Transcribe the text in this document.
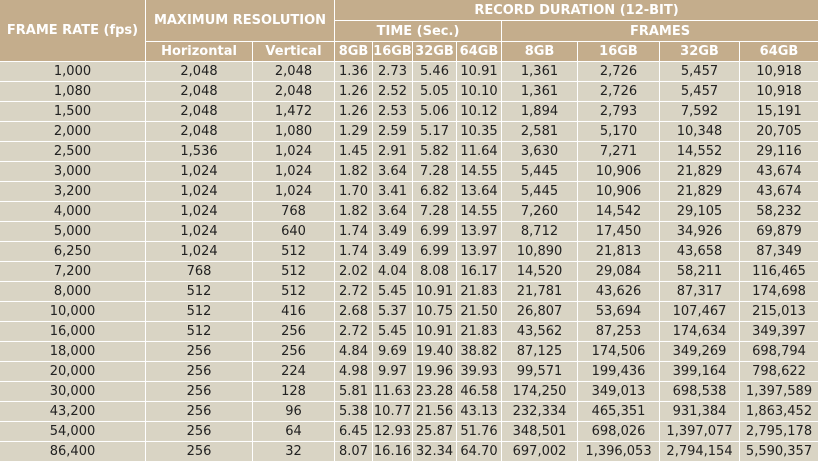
FRAME RATE (fps)	MAXIMUM RESOLUTION		RECORD DURATION (12-BIT)							
			TIME (Sec.)				FRAMES			
	Horizontal	Vertical	8GB	16GB	32GB	64GB	8GB	16GB	32GB	64GB
1,000	2,048	2,048	1.36	2.73	5.46	10.91	1,361	2,726	5,457	10,918
1,080	2,048	2,048	1.26	2.52	5.05	10.10	1,361	2,726	5,457	10,918
1,500	2,048	1,472	1.26	2.53	5.06	10.12	1,894	2,793	7,592	15,191
2,000	2,048	1,080	1.29	2.59	5.17	10.35	2,581	5,170	10,348	20,705
2,500	1,536	1,024	1.45	2.91	5.82	11.64	3,630	7,271	14,552	29,116
3,000	1,024	1,024	1.82	3.64	7.28	14.55	5,445	10,906	21,829	43,674
3,200	1,024	1,024	1.70	3.41	6.82	13.64	5,445	10,906	21,829	43,674
4,000	1,024	768	1.82	3.64	7.28	14.55	7,260	14,542	29,105	58,232
5,000	1,024	640	1.74	3.49	6.99	13.97	8,712	17,450	34,926	69,879
6,250	1,024	512	1.74	3.49	6.99	13.97	10,890	21,813	43,658	87,349
7,200	768	512	2.02	4.04	8.08	16.17	14,520	29,084	58,211	116,465
8,000	512	512	2.72	5.45	10.91	21.83	21,781	43,626	87,317	174,698
10,000	512	416	2.68	5.37	10.75	21.50	26,807	53,694	107,467	215,013
16,000	512	256	2.72	5.45	10.91	21.83	43,562	87,253	174,634	349,397
18,000	256	256	4.84	9.69	19.40	38.82	87,125	174,506	349,269	698,794
20,000	256	224	4.98	9.97	19.96	39.93	99,571	199,436	399,164	798,622
30,000	256	128	5.81	11.63	23.28	46.58	174,250	349,013	698,538	1,397,589
43,200	256	96	5.38	10.77	21.56	43.13	232,334	465,351	931,384	1,863,452
54,000	256	64	6.45	12.93	25.87	51.76	348,501	698,026	1,397,077	2,795,178
86,400	256	32	8.07	16.16	32.34	64.70	697,002	1,396,053	2,794,154	5,590,357
